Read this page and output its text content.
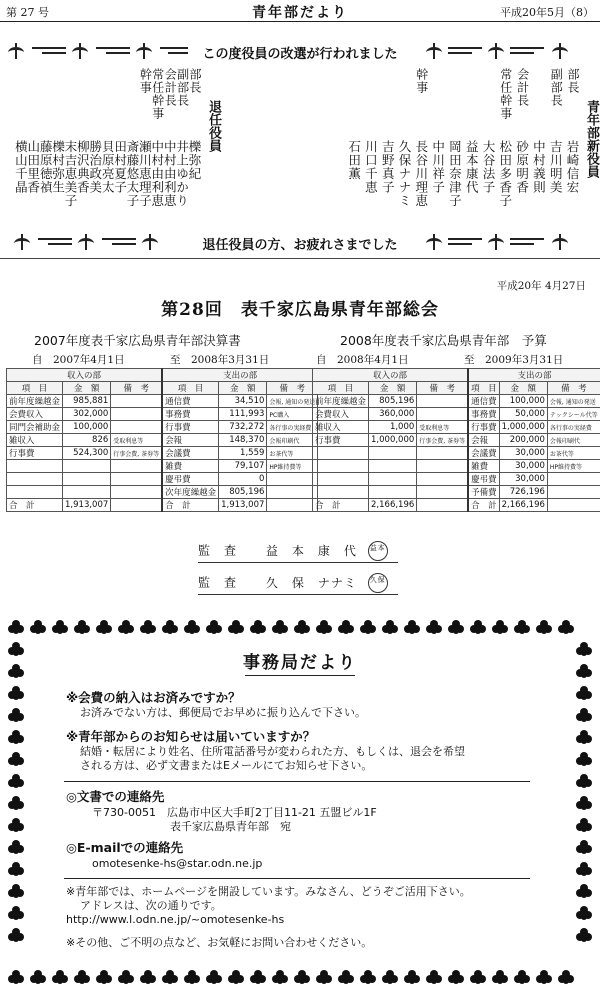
第 27 号	青年部だより	平成20年5月（8）
この度役員の改選が行われました
青年部新役員
部長
岩崎信宏
副部長
吉川明美
中村義則
会計長
砂原明香
常任幹事
松田多香子
大谷法子
益本康代
岡田奈津子
中川祥子
幹事
長谷川理恵
久保ナナミ
吉野真子
川口千恵
石田薫
退任役員
部長
櫟弥紀
副部長
井上ゆかり
会計長
中村由利恵
常任幹事
中村由利恵
幹事
瀬川恵理子
斎藤悠太子
田村夏子
貝原亮太
勝治政美
柳沢典香
末吉恵美子
櫟村弥生
藤原徳禎
山田里香
横山千晶
退任役員の方、お疲れさまでした
平成20年 4月27日
第28回　表千家広島県青年部総会
2007年度表千家広島県青年部決算書	2008年度表千家広島県青年部　予算
自　2007年4月1日	至　2008年3月31日	自　2008年4月1日	至　2009年3月31日
収入の部			支出の部		
項　目	金　額	備　考	項　目	金　額	備　考
前年度繰越金	985,881		通信費	34,510	会報, 通知の発送
会費収入	302,000		事務費	111,993	PC購入
同門会補助金	100,000		行事費	732,272	各行事の実経費
雑収入	826	受取利息等	会報	148,370	会報印刷代
行事費	524,300	行事会費, 茶券等	会議費	1,559	お茶代等
			雑費	79,107	HP維持費等
			慶弔費	0	
			次年度繰越金	805,196	
合　計	1,913,007		合　計	1,913,007	
収入の部			支出の部		
項　目	金　額	備　考	項　目	金　額	備　考
前年度繰越金	805,196		通信費	100,000	会報, 通知の発送
会費収入	360,000		事務費	50,000	テックシール代等
雑収入	1,000	受取利息等	行事費	1,000,000	各行事の実経費
行事費	1,000,000	行事会費, 茶券等	会報	200,000	会報印刷代
			会議費	30,000	お茶代等
			雑費	30,000	HP維持費等
			慶弔費	30,000	
			予備費	726,196	
合　計	2,166,196		合　計	2,166,196	
監　査 益　本　康　代 益本
監　査 久　保　ナナミ 久保
事務局だより
※会費の納入はお済みですか？
お済みでない方は、郵便局でお早めに振り込んで下さい。
※青年部からのお知らせは届いていますか？
結婚・転居により姓名、住所電話番号が変わられた方、もしくは、退会を希望
される方は、必ず文書またはEメールにてお知らせ下さい。
◎文書での連絡先
〒730-0051　広島市中区大手町2丁目11-21 五盟ビル1F
表千家広島県青年部　宛
◎E-mailでの連絡先
omotesenke-hs@star.odn.ne.jp
※青年部では、ホームページを開設しています。みなさん、どうぞご活用下さい。
アドレスは、次の通りです。
http://www.l.odn.ne.jp/~omotesenke-hs
※その他、ご不明の点など、お気軽にお問い合わせください。
